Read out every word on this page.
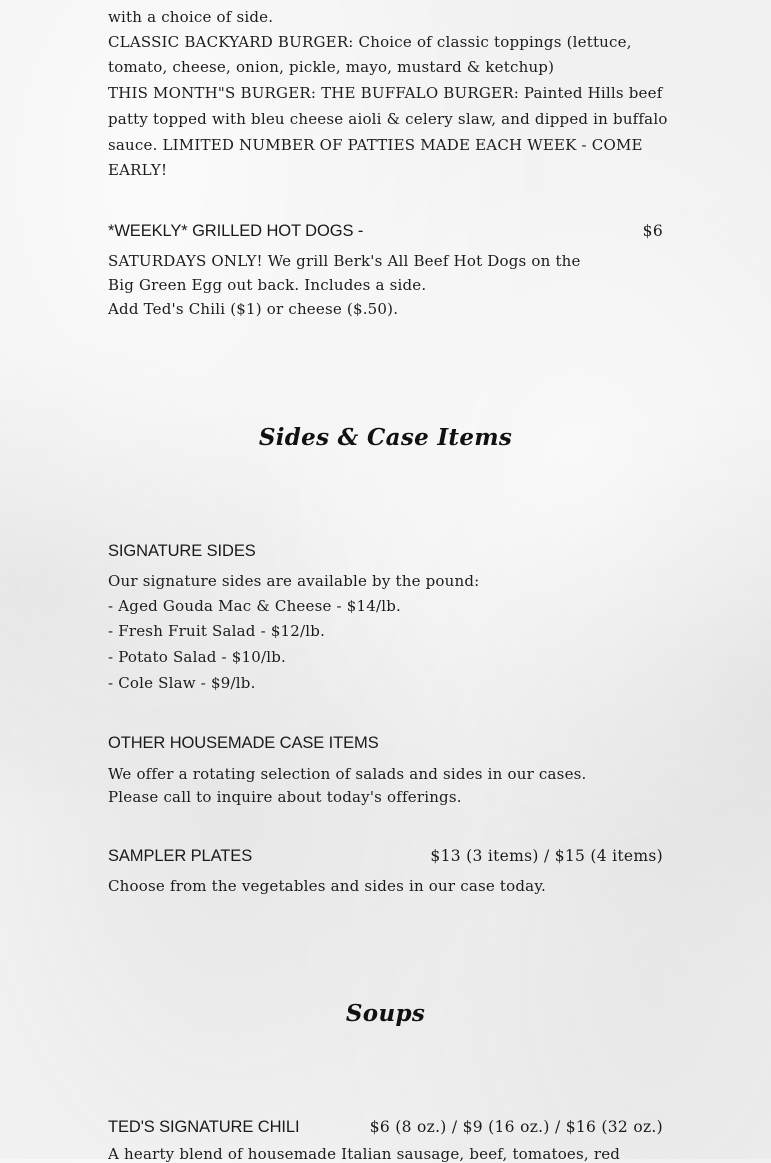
with a choice of side.
CLASSIC BACKYARD BURGER: Choice of classic toppings (lettuce,
tomato, cheese, onion, pickle, mayo, mustard & ketchup)
THIS MONTH"S BURGER: THE BUFFALO BURGER: Painted Hills beef
patty topped with bleu cheese aioli & celery slaw, and dipped in buffalo
sauce. LIMITED NUMBER OF PATTIES MADE EACH WEEK - COME
EARLY!
*WEEKLY* GRILLED HOT DOGS -	$6
SATURDAYS ONLY! We grill Berk's All Beef Hot Dogs on the
Big Green Egg out back. Includes a side.
Add Ted's Chili ($1) or cheese ($.50).
Sides & Case Items
SIGNATURE SIDES
Our signature sides are available by the pound:
- Aged Gouda Mac & Cheese - $14/lb.
- Fresh Fruit Salad - $12/lb.
- Potato Salad - $10/lb.
- Cole Slaw - $9/lb.
OTHER HOUSEMADE CASE ITEMS
We offer a rotating selection of salads and sides in our cases.
Please call to inquire about today's offerings.
SAMPLER PLATES	$13 (3 items) / $15 (4 items)
Choose from the vegetables and sides in our case today.
Soups
TED'S SIGNATURE CHILI	$6 (8 oz.) / $9 (16 oz.) / $16 (32 oz.)
A hearty blend of housemade Italian sausage, beef, tomatoes, red
